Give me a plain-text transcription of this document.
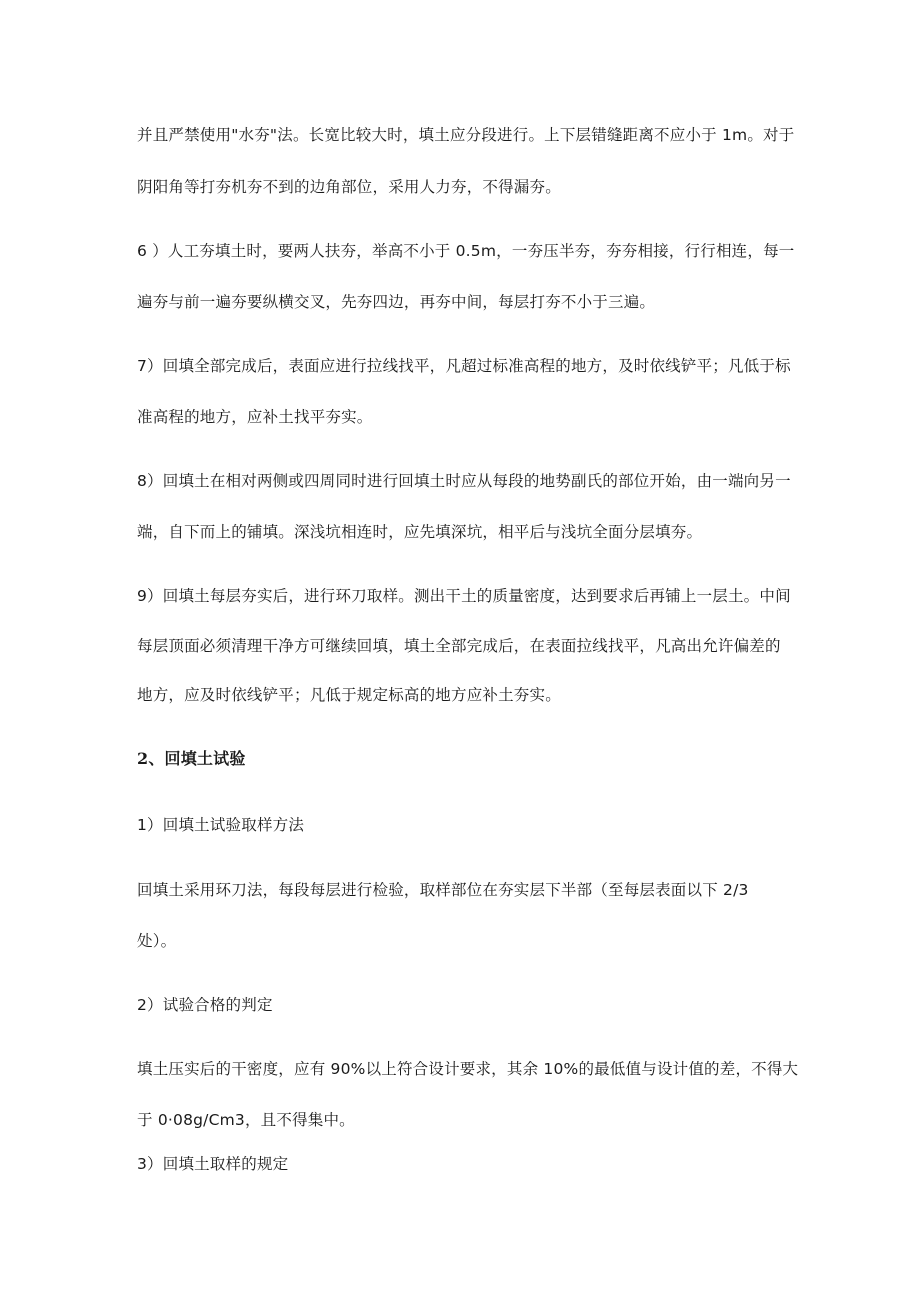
并且严禁使用"水夯"法。长宽比较大时，填土应分段进行。上下层错缝距离不应小于 1m。对于
阴阳角等打夯机夯不到的边角部位，采用人力夯，不得漏夯。
6 ）人工夯填土时，要两人扶夯，举高不小于 0.5m，一夯压半夯，夯夯相接，行行相连，每一
遍夯与前一遍夯要纵横交叉，先夯四边，再夯中间，每层打夯不小于三遍。
7）回填全部完成后，表面应进行拉线找平，凡超过标准高程的地方，及时依线铲平；凡低于标
准高程的地方，应补土找平夯实。
8）回填土在相对两侧或四周同时进行回填土时应从每段的地势副氏的部位开始，由一端向另一
端，自下而上的铺填。深浅坑相连时，应先填深坑，相平后与浅坑全面分层填夯。
9）回填土每层夯实后，进行环刀取样。测出干土的质量密度，达到要求后再铺上一层土。中间
每层顶面必须清理干净方可继续回填，填土全部完成后，在表面拉线找平，凡高出允许偏差的
地方，应及时依线铲平；凡低于规定标高的地方应补土夯实。
2、回填土试验
1）回填土试验取样方法
回填土采用环刀法，每段每层进行检验，取样部位在夯实层下半部（至每层表面以下 2/3
处）。
2）试验合格的判定
填土压实后的干密度，应有 90%以上符合设计要求，其余 10%的最低值与设计值的差，不得大
于 0·08g/Cm3，且不得集中。
3）回填土取样的规定
